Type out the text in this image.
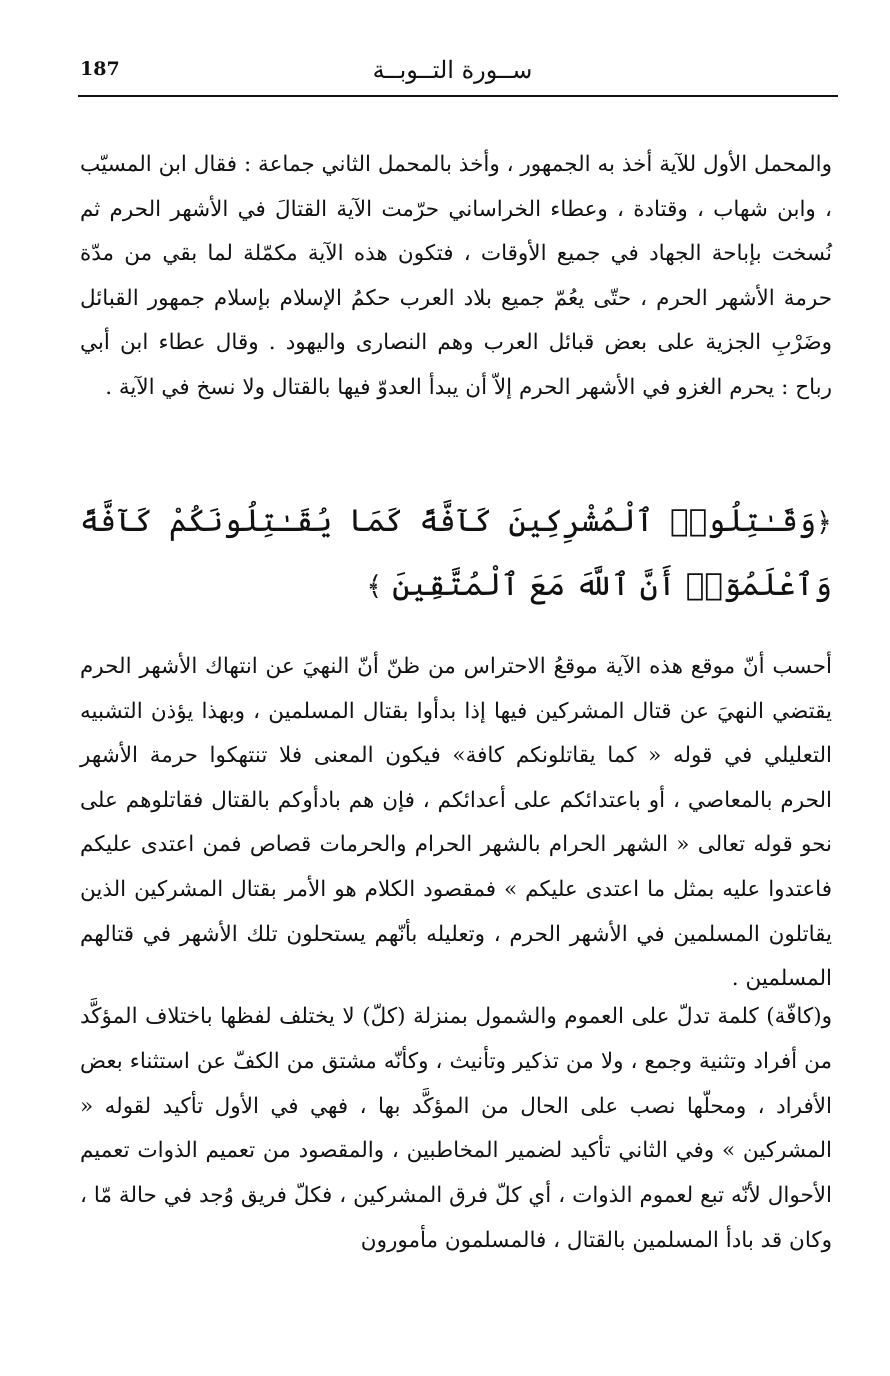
187	ســورة التــوبــة

والمحمل الأول للآية أخذ به الجمهور ، وأخذ بالمحمل الثاني جماعة : فقال ابن المسيّب ، وابن شهاب ، وقتادة ، وعطاء الخراساني حرّمت الآية القتالَ في الأشهر الحرم ثم نُسخت بإباحة الجهاد في جميع الأوقات ، فتكون هذه الآية مكمّلة لما بقي من مدّة حرمة الأشهر الحرم ، حتّى يعُمّ جميع بلاد العرب حكمُ الإسلام بإسلام جمهور القبائل وضَرْبِ الجزية على بعض قبائل العرب وهم النصارى واليهود . وقال عطاء ابن أبي رباح : يحرم الغزو في الأشهر الحرم إلاّ أن يبدأ العدوّ فيها بالقتال ولا نسخ في الآية .

﴿وَقَـٰتِلُوا۟ ٱلْمُشْرِكِينَ كَآفَّةً كَمَا يُقَـٰتِلُونَكُمْ كَآفَّةً وَٱعْلَمُوٓا۟ أَنَّ ٱللَّهَ مَعَ ٱلْمُتَّقِينَ ﴾

أحسب أنّ موقع هذه الآية موقعُ الاحتراس من ظنّ أنّ النهيَ عن انتهاك الأشهر الحرم يقتضي النهيَ عن قتال المشركين فيها إذا بدأوا بقتال المسلمين ، وبهذا يؤذن التشبيه التعليلي في قوله « كما يقاتلونكم كافة» فيكون المعنى فلا تنتهكوا حرمة الأشهر الحرم بالمعاصي ، أو باعتدائكم على أعدائكم ، فإن هم بادأوكم بالقتال فقاتلوهم على نحو قوله تعالى « الشهر الحرام بالشهر الحرام والحرمات قصاص فمن اعتدى عليكم فاعتدوا عليه بمثل ما اعتدى عليكم » فمقصود الكلام هو الأمر بقتال المشركين الذين يقاتلون المسلمين في الأشهر الحرم ، وتعليله بأنّهم يستحلون تلك الأشهر في قتالهم المسلمين .

و(كافّة) كلمة تدلّ على العموم والشمول بمنزلة (كلّ) لا يختلف لفظها باختلاف المؤكَّد من أفراد وتثنية وجمع ، ولا من تذكير وتأنيث ، وكأنّه مشتق من الكفّ عن استثناء بعض الأفراد ، ومحلّها نصب على الحال من المؤكَّد بها ، فهي في الأول تأكيد لقوله « المشركين » وفي الثاني تأكيد لضمير المخاطبين ، والمقصود من تعميم الذوات تعميم الأحوال لأنّه تبع لعموم الذوات ، أي كلّ فرق المشركين ، فكلّ فريق وُجد في حالة مّا ، وكان قد بادأ المسلمين بالقتال ، فالمسلمون مأمورون
